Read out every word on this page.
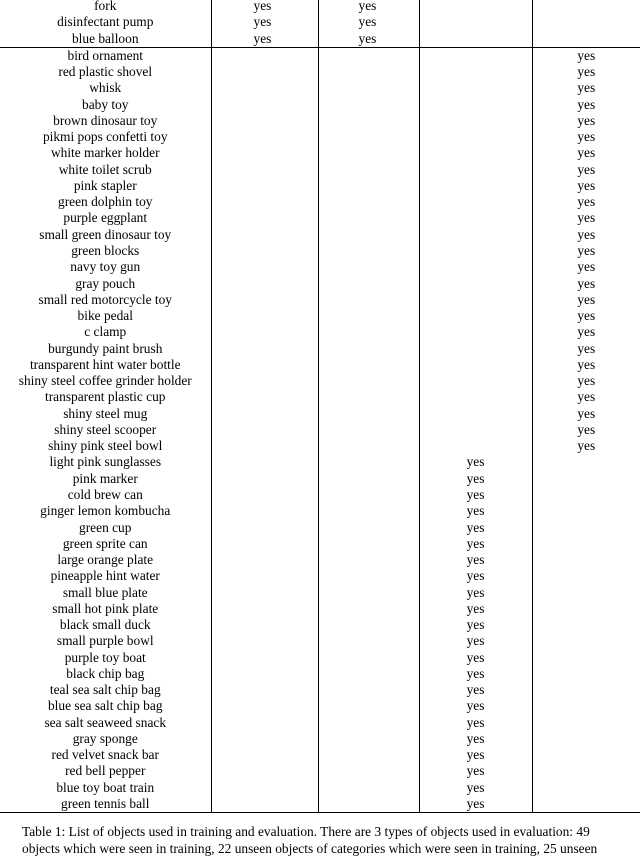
fork	yes	yes		
disinfectant pump	yes	yes		
blue balloon	yes	yes		
bird ornament				yes
red plastic shovel				yes
whisk				yes
baby toy				yes
brown dinosaur toy				yes
pikmi pops confetti toy				yes
white marker holder				yes
white toilet scrub				yes
pink stapler				yes
green dolphin toy				yes
purple eggplant				yes
small green dinosaur toy				yes
green blocks				yes
navy toy gun				yes
gray pouch				yes
small red motorcycle toy				yes
bike pedal				yes
c clamp				yes
burgundy paint brush				yes
transparent hint water bottle				yes
shiny steel coffee grinder holder				yes
transparent plastic cup				yes
shiny steel mug				yes
shiny steel scooper				yes
shiny pink steel bowl				yes
light pink sunglasses			yes	
pink marker			yes	
cold brew can			yes	
ginger lemon kombucha			yes	
green cup			yes	
green sprite can			yes	
large orange plate			yes	
pineapple hint water			yes	
small blue plate			yes	
small hot pink plate			yes	
black small duck			yes	
small purple bowl			yes	
purple toy boat			yes	
black chip bag			yes	
teal sea salt chip bag			yes	
blue sea salt chip bag			yes	
sea salt seaweed snack			yes	
gray sponge			yes	
red velvet snack bar			yes	
red bell pepper			yes	
blue toy boat train			yes	
green tennis ball			yes	
Table 1: List of objects used in training and evaluation. There are 3 types of objects used in evaluation: 49
objects which were seen in training, 22 unseen objects of categories which were seen in training, 25 unseen
